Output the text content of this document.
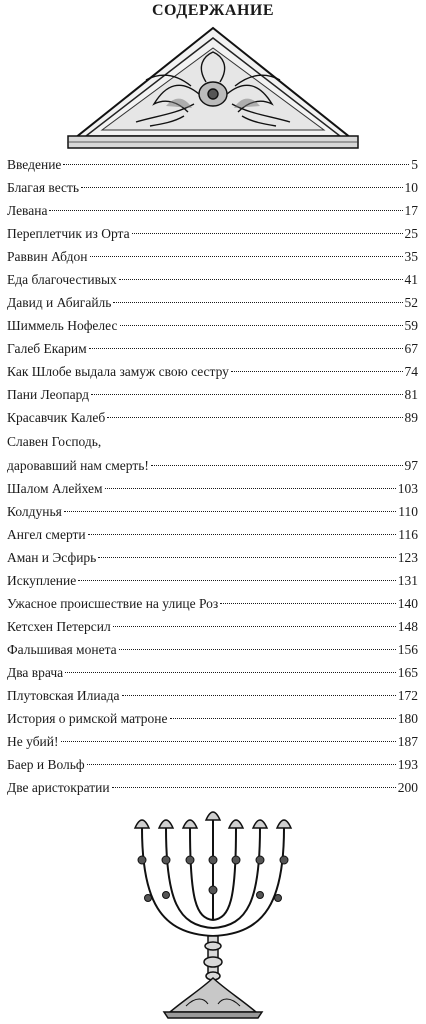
СОДЕРЖАНИЕ
Введение	5
Благая весть	10
Левана	17
Переплетчик из Орта	25
Раввин Абдон	35
Еда благочестивых	41
Давид и Абигайль	52
Шиммель Нофелес	59
Галеб Екарим	67
Как Шлобе выдала замуж свою сестру	74
Пани Леопард	81
Красавчик Калеб	89
Славен Господь,
даровавший нам смерть!	97
Шалом Алейхем	103
Колдунья	110
Ангел смерти	116
Аман и Эсфирь	123
Искупление	131
Ужасное происшествие на улице Роз	140
Кетсхен Петерсил	148
Фальшивая монета	156
Два врача	165
Плутовская Илиада	172
История о римской матроне	180
Не убий!	187
Баер и Вольф	193
Две аристократии	200
